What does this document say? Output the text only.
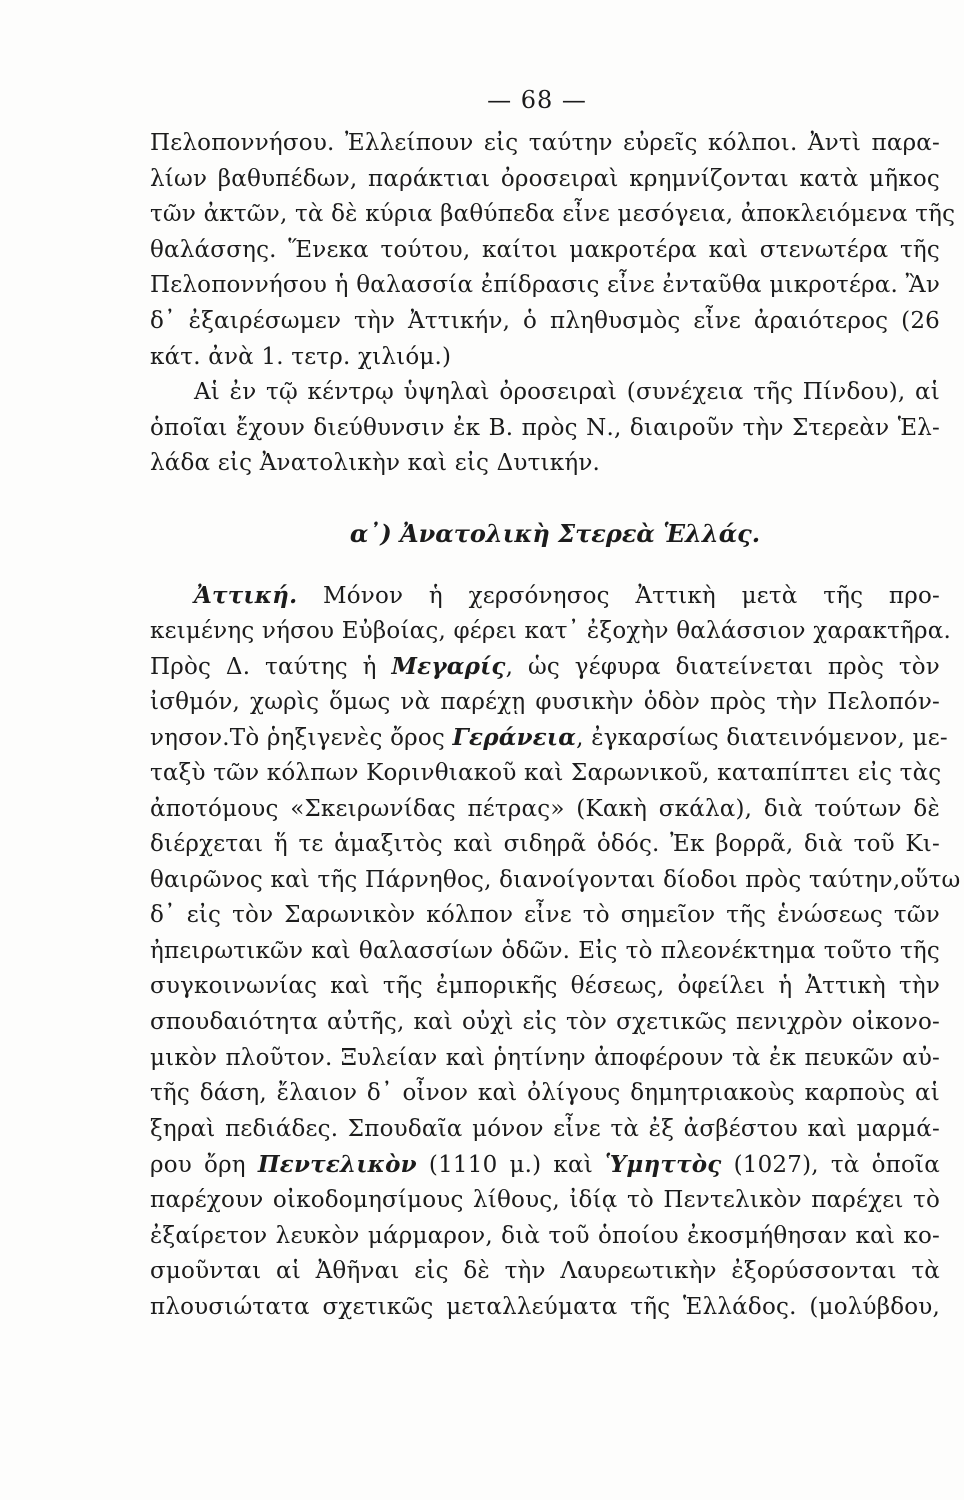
— 68 —
Πελοποννήσου. Ἐλλείπουν εἰς ταύτην εὐρεῖς κόλποι. Ἀντὶ παρα-
λίων βαθυπέδων, παράκτιαι ὀροσειραὶ κρημνίζονται κατὰ μῆκος
τῶν ἀκτῶν, τὰ δὲ κύρια βαθύπεδα εἶνε μεσόγεια, ἀποκλειόμενα τῆς
θαλάσσης. Ἕνεκα τούτου, καίτοι μακροτέρα καὶ στενωτέρα τῆς
Πελοποννήσου ἡ θαλασσία ἐπίδρασις εἶνε ἐνταῦθα μικροτέρα. Ἂν
δ᾽ ἐξαιρέσωμεν τὴν Ἀττικήν, ὁ πληθυσμὸς εἶνε ἀραιότερος (26
κάτ. ἀνὰ 1. τετρ. χιλιόμ.)
Αἱ ἐν τῷ κέντρῳ ὑψηλαὶ ὀροσειραὶ (συνέχεια τῆς Πίνδου), αἱ
ὁποῖαι ἔχουν διεύθυνσιν ἐκ Β. πρὸς Ν., διαιροῦν τὴν Στερεὰν Ἑλ-
λάδα εἰς Ἀνατολικὴν καὶ εἰς Δυτικήν.
α᾽) Ἀνατολικὴ Στερεὰ Ἑλλάς.
Ἀττική. Μόνον ἡ χερσόνησος Ἀττικὴ μετὰ τῆς προ-
κειμένης νήσου Εὐβοίας, φέρει κατ᾽ ἐξοχὴν θαλάσσιον χαρακτῆρα.
Πρὸς Δ. ταύτης ἡ Μεγαρίς, ὡς γέφυρα διατείνεται πρὸς τὸν
ἰσθμόν, χωρὶς ὅμως νὰ παρέχῃ φυσικὴν ὁδὸν πρὸς τὴν Πελοπόν-
νησον.Τὸ ῥηξιγενὲς ὄρος Γεράνεια, ἐγκαρσίως διατεινόμενον, με-
ταξὺ τῶν κόλπων Κορινθιακοῦ καὶ Σαρωνικοῦ, καταπίπτει εἰς τὰς
ἀποτόμους «Σκειρωνίδας πέτρας» (Κακὴ σκάλα), διὰ τούτων δὲ
διέρχεται ἥ τε ἁμαξιτὸς καὶ σιδηρᾶ ὁδός. Ἐκ βορρᾶ, διὰ τοῦ Κι-
θαιρῶνος καὶ τῆς Πάρνηθος, διανοίγονται δίοδοι πρὸς ταύτην,οὕτω
δ᾽ εἰς τὸν Σαρωνικὸν κόλπον εἶνε τὸ σημεῖον τῆς ἑνώσεως τῶν
ἠπειρωτικῶν καὶ θαλασσίων ὁδῶν. Εἰς τὸ πλεονέκτημα τοῦτο τῆς
συγκοινωνίας καὶ τῆς ἐμπορικῆς θέσεως, ὀφείλει ἡ Ἀττικὴ τὴν
σπουδαιότητα αὐτῆς, καὶ οὐχὶ εἰς τὸν σχετικῶς πενιχρὸν οἰκονο-
μικὸν πλοῦτον. Ξυλείαν καὶ ῥητίνην ἀποφέρουν τὰ ἐκ πευκῶν αὐ-
τῆς δάση, ἔλαιον δ᾽ οἶνον καὶ ὀλίγους δημητριακοὺς καρποὺς αἱ
ξηραὶ πεδιάδες. Σπουδαῖα μόνον εἶνε τὰ ἐξ ἀσβέστου καὶ μαρμά-
ρου ὄρη Πεντελικὸν (1110 μ.) καὶ Ὑμηττὸς (1027), τὰ ὁποῖα
παρέχουν οἰκοδομησίμους λίθους, ἰδίᾳ τὸ Πεντελικὸν παρέχει τὸ
ἐξαίρετον λευκὸν μάρμαρον, διὰ τοῦ ὁποίου ἐκοσμήθησαν καὶ κο-
σμοῦνται αἱ Ἀθῆναι εἰς δὲ τὴν Λαυρεωτικὴν ἐξορύσσονται τὰ
πλουσιώτατα σχετικῶς μεταλλεύματα τῆς Ἑλλάδος. (μολύβδου,
